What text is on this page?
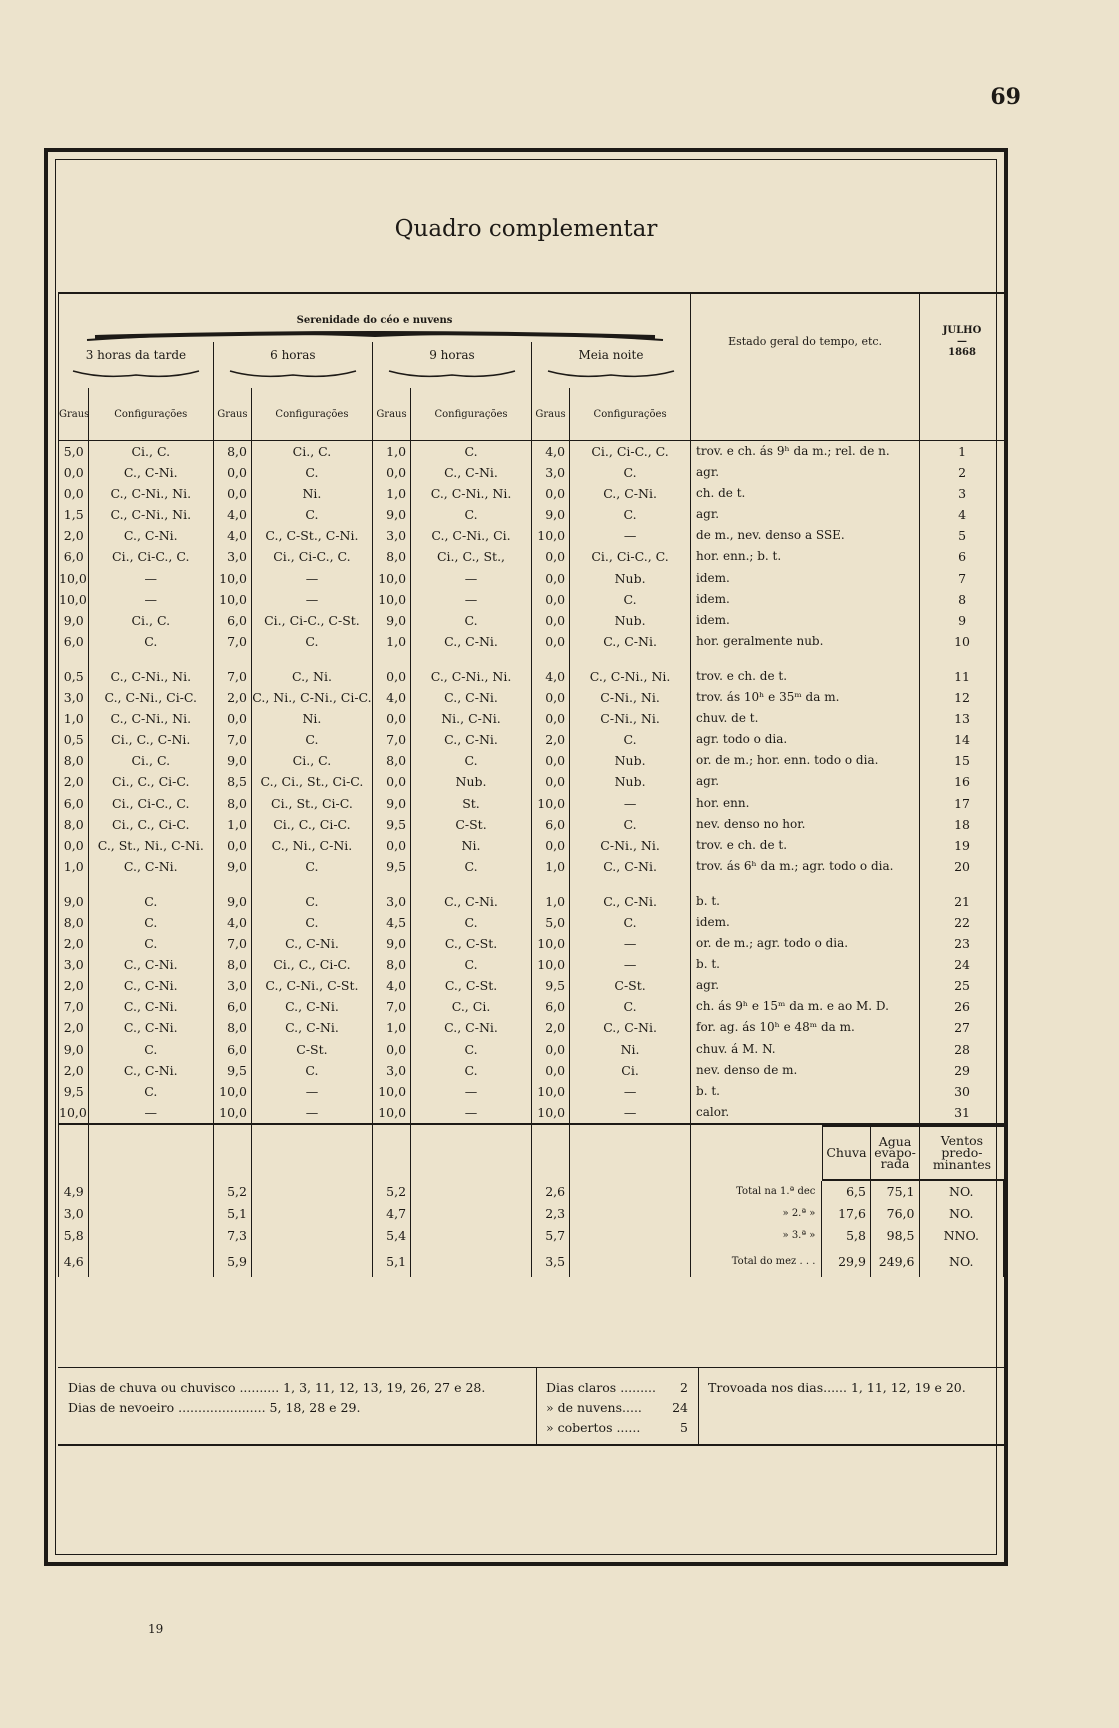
69
Quadro complementar
Serenidade do céo e nuvens
	Estado geral do tempo, etc.	
JULHO
—
1868

3 horas da tarde	6 horas	9 horas	Meia noite

Graus	Configurações	Graus	Configurações	Graus	Configurações	Graus	Configurações		
5,0	Ci., C.	8,0	Ci., C.	1,0	C.	4,0	Ci., Ci-C., C.	trov. e ch. ás 9ʰ da m.; rel. de n.	1
0,0	C., C-Ni.	0,0	C.	0,0	C., C-Ni.	3,0	C.	agr.	2
0,0	C., C-Ni., Ni.	0,0	Ni.	1,0	C., C-Ni., Ni.	0,0	C., C-Ni.	ch. de t.	3
1,5	C., C-Ni., Ni.	4,0	C.	9,0	C.	9,0	C.	agr.	4
2,0	C., C-Ni.	4,0	C., C-St., C-Ni.	3,0	C., C-Ni., Ci.	10,0	—	de m., nev. denso a SSE.	5
6,0	Ci., Ci-C., C.	3,0	Ci., Ci-C., C.	8,0	Ci., C., St.,	0,0	Ci., Ci-C., C.	hor. enn.; b. t.	6
10,0	—	10,0	—	10,0	—	0,0	Nub.	idem.	7
10,0	—	10,0	—	10,0	—	0,0	C.	idem.	8
9,0	Ci., C.	6,0	Ci., Ci-C., C-St.	9,0	C.	0,0	Nub.	idem.	9
6,0	C.	7,0	C.	1,0	C., C-Ni.	0,0	C., C-Ni.	hor. geralmente nub.	10

0,5	C., C-Ni., Ni.	7,0	C., Ni.	0,0	C., C-Ni., Ni.	4,0	C., C-Ni., Ni.	trov. e ch. de t.	11
3,0	C., C-Ni., Ci-C.	2,0	C., Ni., C-Ni., Ci-C.	4,0	C., C-Ni.	0,0	C-Ni., Ni.	trov. ás 10ʰ e 35ᵐ da m.	12
1,0	C., C-Ni., Ni.	0,0	Ni.	0,0	Ni., C-Ni.	0,0	C-Ni., Ni.	chuv. de t.	13
0,5	Ci., C., C-Ni.	7,0	C.	7,0	C., C-Ni.	2,0	C.	agr. todo o dia.	14
8,0	Ci., C.	9,0	Ci., C.	8,0	C.	0,0	Nub.	or. de m.; hor. enn. todo o dia.	15
2,0	Ci., C., Ci-C.	8,5	C., Ci., St., Ci-C.	0,0	Nub.	0,0	Nub.	agr.	16
6,0	Ci., Ci-C., C.	8,0	Ci., St., Ci-C.	9,0	St.	10,0	—	hor. enn.	17
8,0	Ci., C., Ci-C.	1,0	Ci., C., Ci-C.	9,5	C-St.	6,0	C.	nev. denso no hor.	18
0,0	C., St., Ni., C-Ni.	0,0	C., Ni., C-Ni.	0,0	Ni.	0,0	C-Ni., Ni.	trov. e ch. de t.	19
1,0	C., C-Ni.	9,0	C.	9,5	C.	1,0	C., C-Ni.	trov. ás 6ʰ da m.; agr. todo o dia.	20

9,0	C.	9,0	C.	3,0	C., C-Ni.	1,0	C., C-Ni.	b. t.	21
8,0	C.	4,0	C.	4,5	C.	5,0	C.	idem.	22
2,0	C.	7,0	C., C-Ni.	9,0	C., C-St.	10,0	—	or. de m.; agr. todo o dia.	23
3,0	C., C-Ni.	8,0	Ci., C., Ci-C.	8,0	C.	10,0	—	b. t.	24
2,0	C., C-Ni.	3,0	C., C-Ni., C-St.	4,0	C., C-St.	9,5	C-St.	agr.	25
7,0	C., C-Ni.	6,0	C., C-Ni.	7,0	C., Ci.	6,0	C.	ch. ás 9ʰ e 15ᵐ da m. e ao M. D.	26
2,0	C., C-Ni.	8,0	C., C-Ni.	1,0	C., C-Ni.	2,0	C., C-Ni.	for. ag. ás 10ʰ e 48ᵐ da m.	27
9,0	C.	6,0	C-St.	0,0	C.	0,0	Ni.	chuv. á M. N.	28
2,0	C., C-Ni.	9,5	C.	3,0	C.	0,0	Ci.	nev. denso de m.	29
9,5	C.	10,0	—	10,0	—	10,0	—	b. t.	30
10,0	—	10,0	—	10,0	—	10,0	—	calor.	31

	Chuva	Agua evapo-rada	Ventos predo-minantes

4,9		5,2		5,2		2,6			Total na 1.ª dec	6,5	75,1	NO.

3,0		5,1		4,7		2,3			» 2.ª »	17,6	76,0	NO.

5,8		7,3		5,4		5,7			» 3.ª »	5,8	98,5	NNO.

4,6		5,9		5,1		3,5			Total do mez . . .	29,9	249,6	NO.
Dias de chuva ou chuvisco .......... 1, 3, 11, 12, 13, 19, 26, 27 e 28.
Dias de nevoeiro ...................... 5, 18, 28 e 29.
Dias claros ......... 2
» de nuvens..... 24
» cobertos ......	5
Trovoada nos dias...... 1, 11, 12, 19 e 20.
19
